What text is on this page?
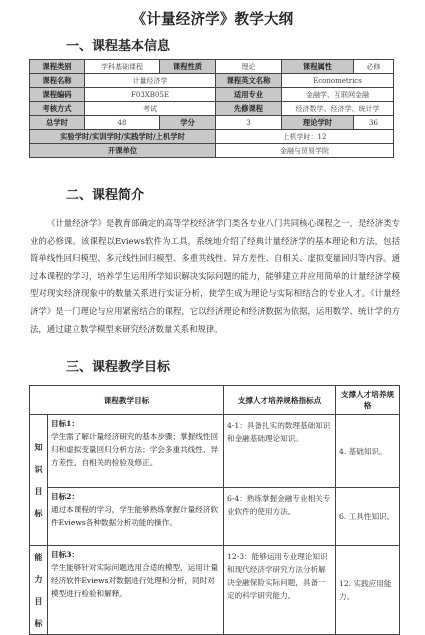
《计量经济学》教学大纲
一、课程基本信息
课程类别	学科基础课程	课程性质	理论	课程属性	必修
课程名称	计量经济学		课程英文名称	Econometrics	
课程编码	F03XB05E		适用专业	金融学、互联网金融	
考核方式	考试		先修课程	经济数学、经济学、统计学	
总学时	48	学分	3	理论学时	36
实验学时/实训学时/实践学时/上机学时			上机学时：12		
开课单位			金融与贸易学院		
二、课程简介

《计量经济学》是教育部确定的高等学校经济学门类各专业八门共同核心课程之一，是经济类专业的必修课。该课程以Eviews软件为工具，系统地介绍了经典计量经济学的基本理论和方法，包括简单线性回归模型、多元线性回归模型、多重共线性、异方差性、自相关、虚拟变量回归等内容。通过本课程的学习，培养学生运用所学知识解决实际问题的能力，能够建立并应用简单的计量经济学模型对现实经济现象中的数量关系进行实证分析，使学生成为理论与实际相结合的专业人才。《计量经济学》是一门理论与应用紧密结合的课程，它以经济理论和经济数据为依据，运用数学、统计学的方法，通过建立数学模型来研究经济数量关系和规律。

三、课程教学目标
课程教学目标		支撑人才培养规格指标点	支撑人才培养规格

知
识
目
标	目标1：
学生需了解计量经济研究的基本步骤；掌握线性回归和虚拟变量回归分析方法；学会多重共线性、异方差性、自相关的检验及修正。	4-1：具备扎实的数理基础知识和金融基础理论知识。	4. 基础知识。

	目标2：
通过本课程的学习，学生能够熟练掌握计量经济软件Eviews各种数据分析功能的操作。	6-4：熟练掌握金融专业相关专业软件的使用方法。	6. 工具性知识。

能
力
目
标	目标3：
学生能够针对实际问题选用合适的模型，运用计量经济软件Eviews对数据进行处理和分析，同时对模型进行检验和解释。	12-3：能够运用专业理论知识和现代经济学研究方法分析解决金融保险实际问题，具备一定的科学研究能力。	12. 实践应用能力。
